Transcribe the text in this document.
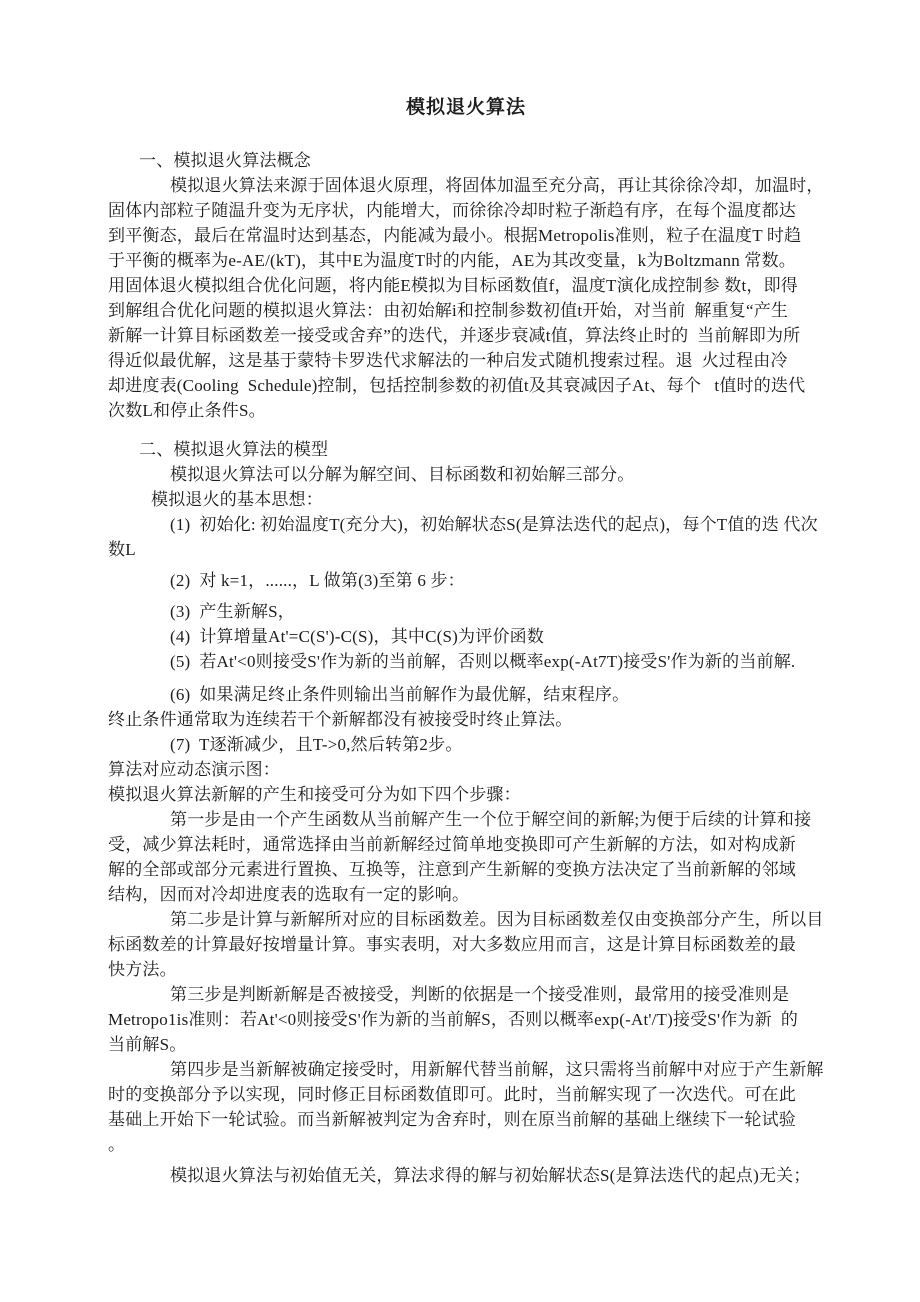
模拟退火算法
一、模拟退火算法概念
模拟退火算法来源于固体退火原理，将固体加温至充分高，再让其徐徐冷却，加温时，
固体内部粒子随温升变为无序状，内能增大，而徐徐冷却时粒子渐趋有序，在每个温度都达
到平衡态，最后在常温时达到基态，内能减为最小。根据Metropolis准则，粒子在温度T 时趋
于平衡的概率为e-AE/(kT)，其中E为温度T时的内能，AE为其改变量，k为Boltzmann 常数。
用固体退火模拟组合优化问题，将内能E模拟为目标函数值f，温度T演化成控制参 数t，即得
到解组合优化问题的模拟退火算法：由初始解i和控制参数初值t开始，对当前  解重复“产生
新解一计算目标函数差一接受或舍弃”的迭代，并逐步衰减t值，算法终止时的  当前解即为所
得近似最优解，这是基于蒙特卡罗迭代求解法的一种启发式随机搜索过程。退  火过程由冷
却进度表(Cooling  Schedule)控制，包括控制参数的初值t及其衰减因子At、每个   t值时的迭代
次数L和停止条件S。
二、模拟退火算法的模型
模拟退火算法可以分解为解空间、目标函数和初始解三部分。
模拟退火的基本思想：
(1)  初始化: 初始温度T(充分大)，初始解状态S(是算法迭代的起点)，每个T值的迭 代次
数L
(2)  对 k=1，......，L 做第(3)至第 6 步：
(3)  产生新解S，
(4)  计算增量At'=C(S')-C(S)，其中C(S)为评价函数
(5)  若At'<0则接受S'作为新的当前解，否则以概率exp(-At7T)接受S'作为新的当前解.
(6)  如果满足终止条件则输出当前解作为最优解，结束程序。
终止条件通常取为连续若干个新解都没有被接受时终止算法。
(7)  T逐渐减少，且T->0,然后转第2步。
算法对应动态演示图：
模拟退火算法新解的产生和接受可分为如下四个步骤：
第一步是由一个产生函数从当前解产生一个位于解空间的新解;为便于后续的计算和接
受，减少算法耗时，通常选择由当前新解经过简单地变换即可产生新解的方法，如对构成新
解的全部或部分元素进行置换、互换等，注意到产生新解的变换方法决定了当前新解的邻域
结构，因而对冷却进度表的选取有一定的影响。
第二步是计算与新解所对应的目标函数差。因为目标函数差仅由变换部分产生，所以目
标函数差的计算最好按增量计算。事实表明，对大多数应用而言，这是计算目标函数差的最
快方法。
第三步是判断新解是否被接受，判断的依据是一个接受准则，最常用的接受准则是
Metropo1is准则：若At'<0则接受S'作为新的当前解S，否则以概率exp(-At'/T)接受S'作为新  的
当前解S。
第四步是当新解被确定接受时，用新解代替当前解，这只需将当前解中对应于产生新解
时的变换部分予以实现，同时修正目标函数值即可。此时，当前解实现了一次迭代。可在此
基础上开始下一轮试验。而当新解被判定为舍弃时，则在原当前解的基础上继续下一轮试验
。
模拟退火算法与初始值无关，算法求得的解与初始解状态S(是算法迭代的起点)无关；
